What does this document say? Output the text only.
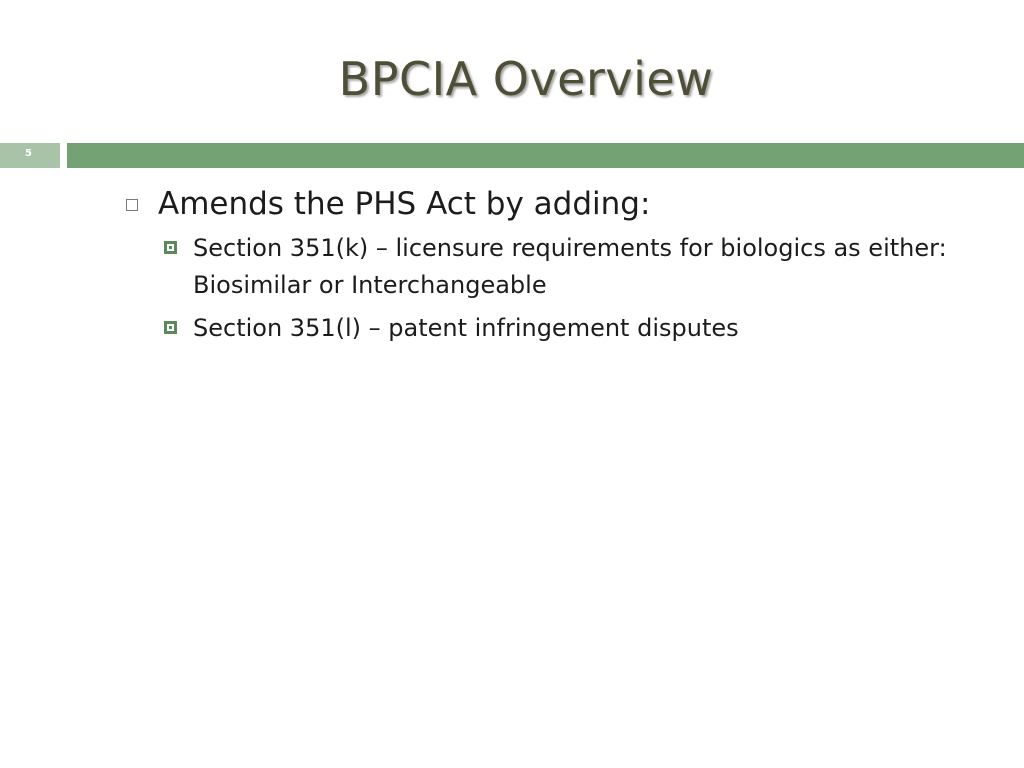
BPCIA Overview
5
Amends the PHS Act by adding:
Section 351(k) – licensure requirements for biologics as either: Biosimilar or Interchangeable
Section 351(l) – patent infringement disputes
